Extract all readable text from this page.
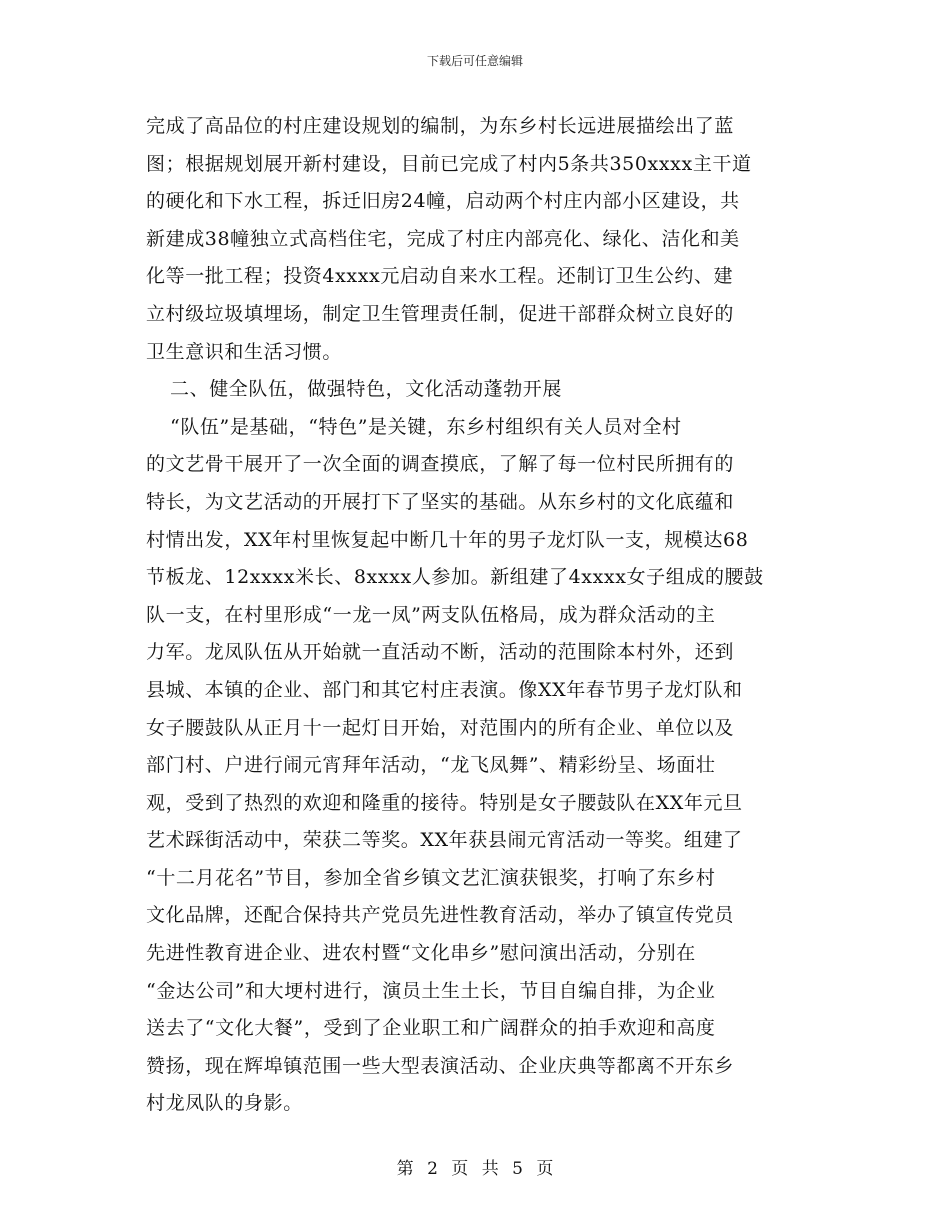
下载后可任意编辑
完成了高品位的村庄建设规划的编制，为东乡村长远进展描绘出了蓝
图；根据规划展开新村建设，目前已完成了村内5条共350xxxx主干道
的硬化和下水工程，拆迁旧房24幢，启动两个村庄内部小区建设，共
新建成38幢独立式高档住宅，完成了村庄内部亮化、绿化、洁化和美
化等一批工程；投资4xxxx元启动自来水工程。还制订卫生公约、建
立村级垃圾填埋场，制定卫生管理责任制，促进干部群众树立良好的
卫生意识和生活习惯。
二、健全队伍，做强特色，文化活动蓬勃开展
“队伍”是基础，“特色”是关键，东乡村组织有关人员对全村
的文艺骨干展开了一次全面的调查摸底，了解了每一位村民所拥有的
特长，为文艺活动的开展打下了坚实的基础。从东乡村的文化底蕴和
村情出发，XX年村里恢复起中断几十年的男子龙灯队一支，规模达68
节板龙、12xxxx米长、8xxxx人参加。新组建了4xxxx女子组成的腰鼓
队一支，在村里形成“一龙一凤”两支队伍格局，成为群众活动的主
力军。龙凤队伍从开始就一直活动不断，活动的范围除本村外，还到
县城、本镇的企业、部门和其它村庄表演。像XX年春节男子龙灯队和
女子腰鼓队从正月十一起灯日开始，对范围内的所有企业、单位以及
部门村、户进行闹元宵拜年活动，“龙飞凤舞”、精彩纷呈、场面壮
观，受到了热烈的欢迎和隆重的接待。特别是女子腰鼓队在XX年元旦
艺术踩街活动中，荣获二等奖。XX年获县闹元宵活动一等奖。组建了
“十二月花名”节目，参加全省乡镇文艺汇演获银奖，打响了东乡村
文化品牌，还配合保持共产党员先进性教育活动，举办了镇宣传党员
先进性教育进企业、进农村暨“文化串乡”慰问演出活动，分别在
“金达公司”和大埂村进行，演员土生土长，节目自编自排，为企业
送去了“文化大餐”，受到了企业职工和广阔群众的拍手欢迎和高度
赞扬，现在辉埠镇范围一些大型表演活动、企业庆典等都离不开东乡
村龙凤队的身影。
第 2 页 共 5 页
